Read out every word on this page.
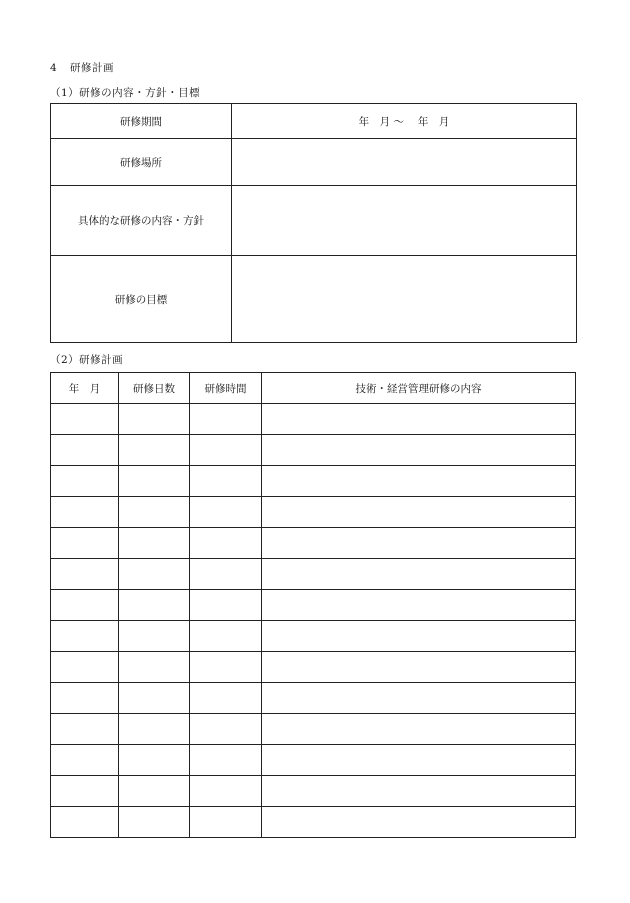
4 研修計画
（1）研修の内容・方針・目標
研修期間	年　月 〜　 年　月
研修場所	
具体的な研修の内容・方針	
研修の目標	
（2）研修計画
年　月	研修日数	研修時間	技術・経営管理研修の内容
